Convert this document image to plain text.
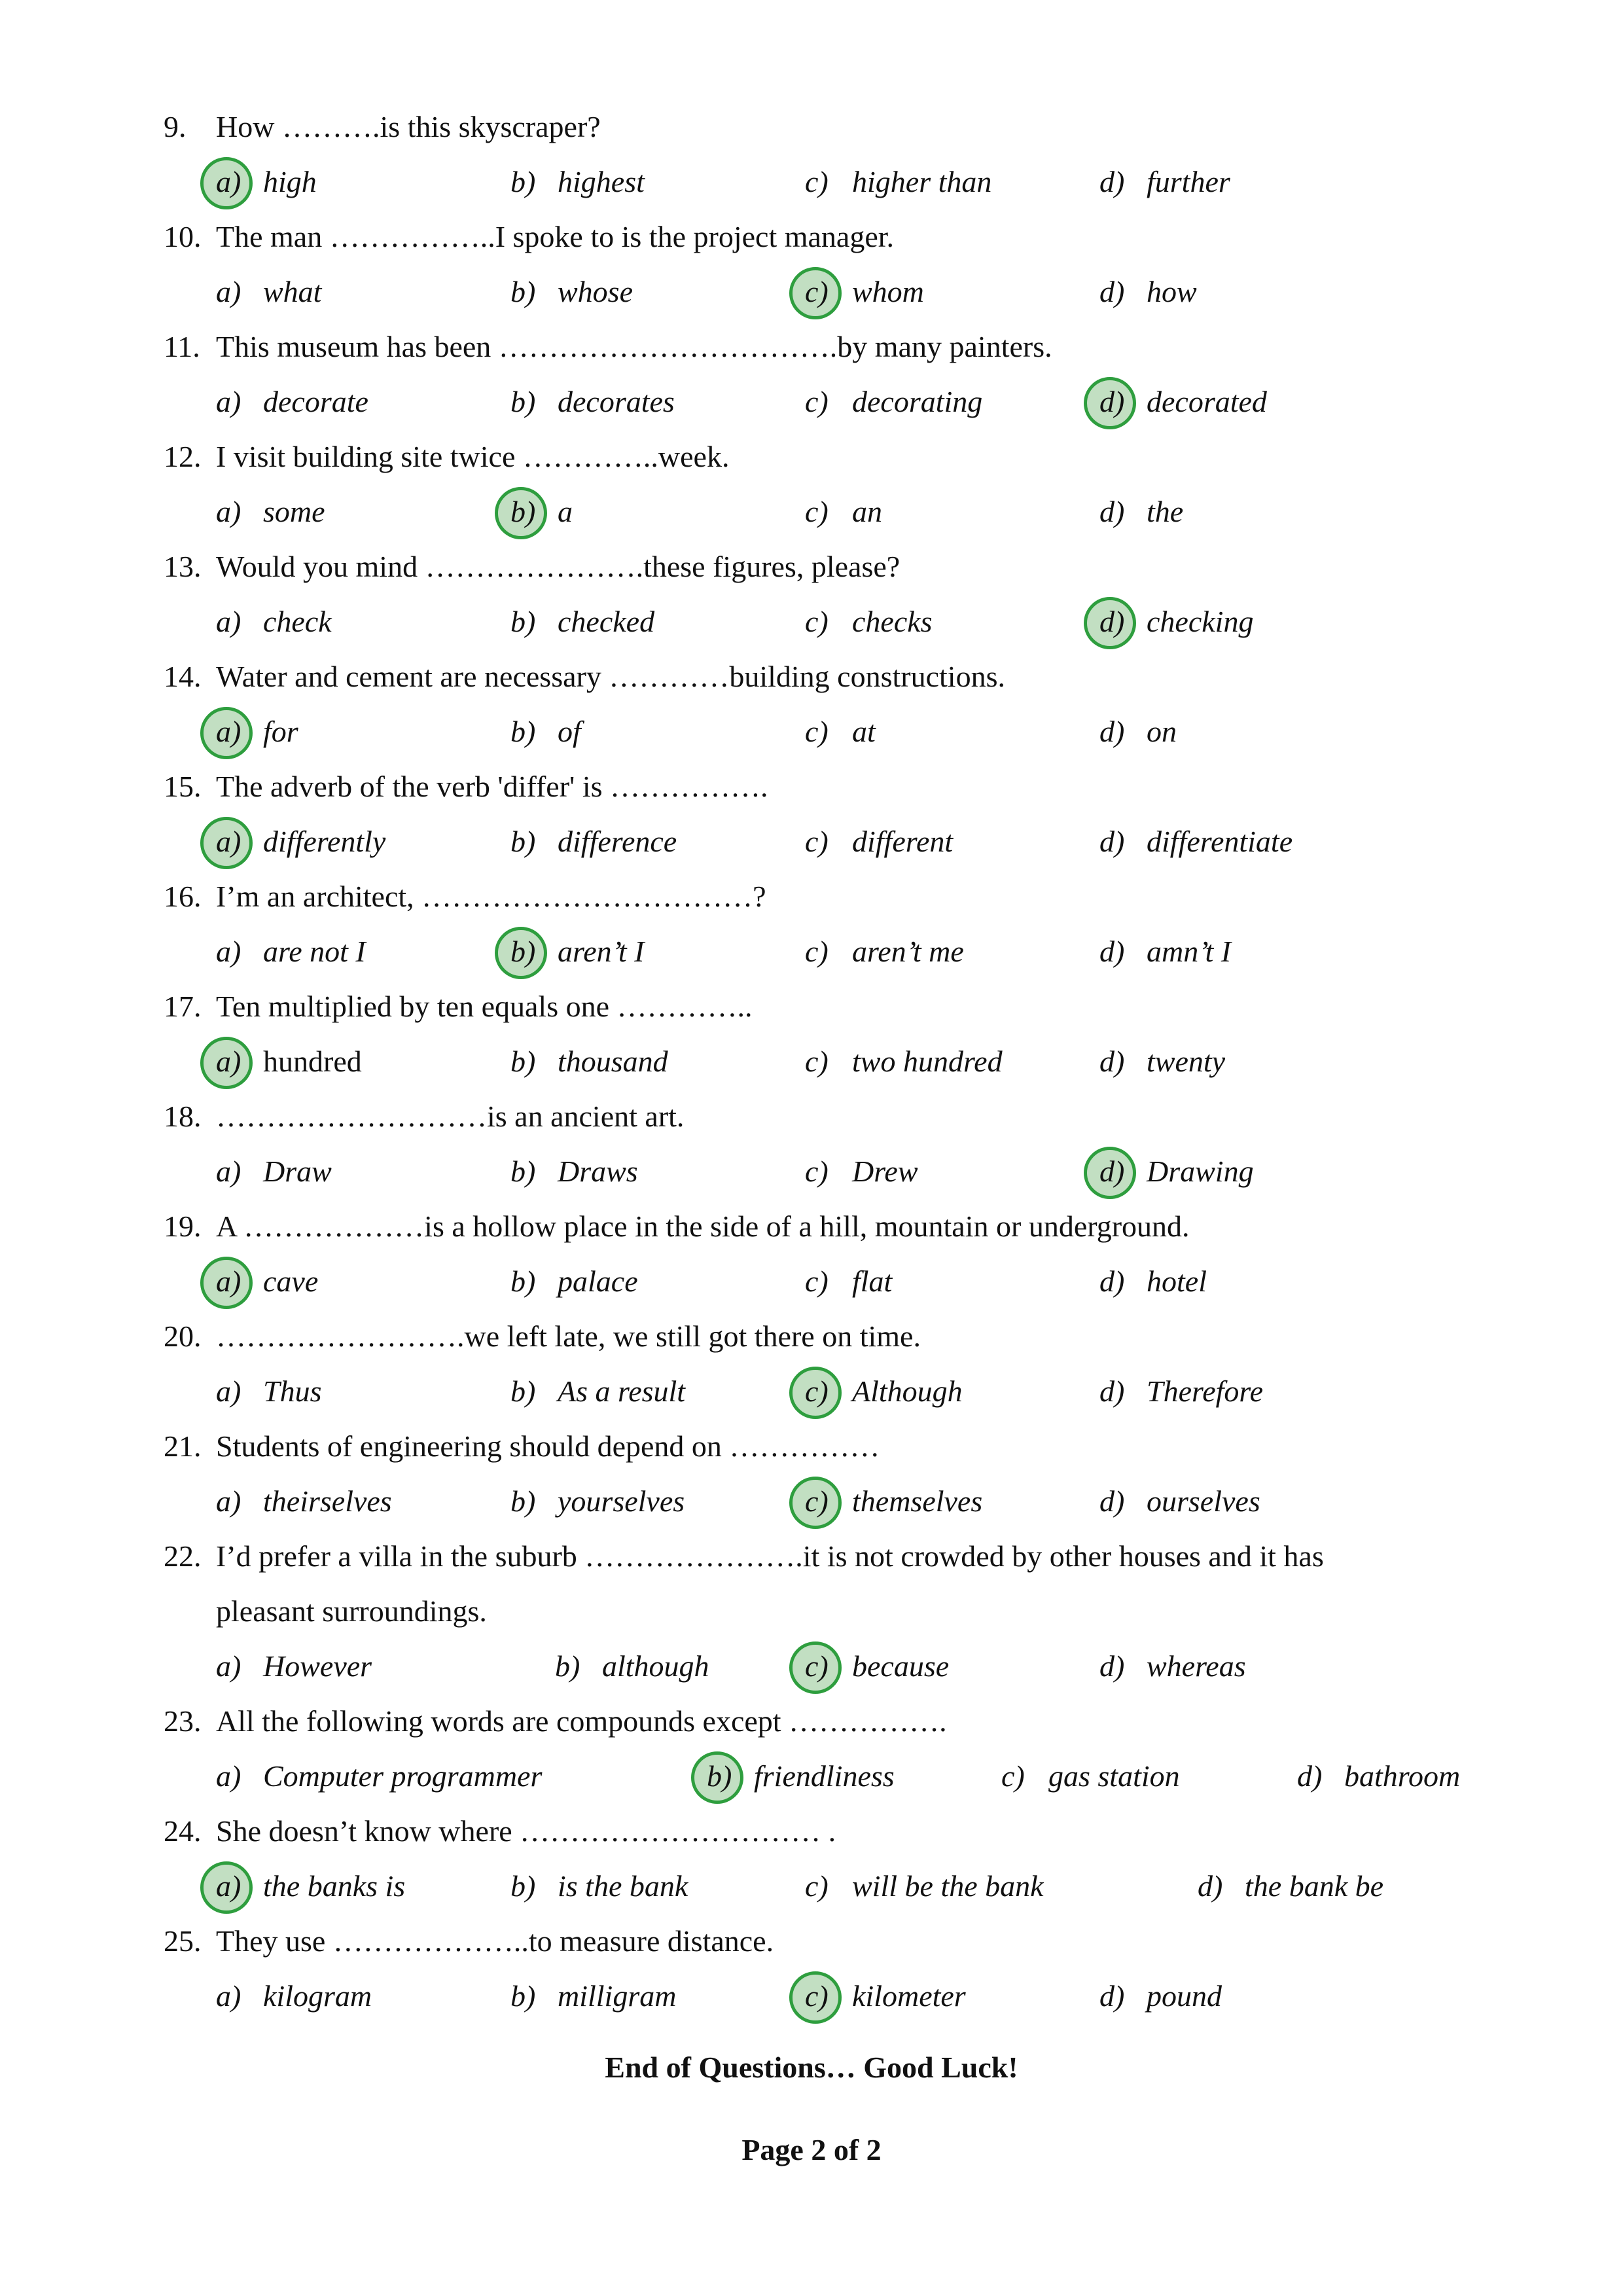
9. How ……….is this skyscraper?
a) high	b) highest	c) higher than	d) further
10. The man ……………..I spoke to is the project manager.
a) what	b) whose	c) whom	d) how
11. This museum has been …………………………….by many painters.
a) decorate	b) decorates	c) decorating	d) decorated
12. I visit building site twice …………..week.
a) some	b) a	c) an	d) the
13. Would you mind ………………….these figures, please?
a) check	b) checked	c) checks	d) checking
14. Water and cement are necessary …………building constructions.
a) for	b) of	c) at	d) on
15. The adverb of the verb 'differ' is …………….
a) differently	b) difference	c) different	d) differentiate
16. I’m an architect, ……………………………?
a) are not I	b) aren’t I	c) aren’t me	d) amn’t I
17. Ten multiplied by ten equals one …………..
a) hundred	b) thousand	c) two hundred	d) twenty
18. ………………………is an ancient art.
a) Draw	b) Draws	c) Drew	d) Drawing
19. A ………………is a hollow place in the side of a hill, mountain or underground.
a) cave	b) palace	c) flat	d) hotel
20. …………………….we left late, we still got there on time.
a) Thus	b) As a result	c) Although	d) Therefore
21. Students of engineering should depend on ……………
a) theirselves	b) yourselves	c) themselves	d) ourselves
22. I’d prefer a villa in the suburb ………………….it is not crowded by other houses and it has
pleasant surroundings.
a) However	b) although	c) because	d) whereas
23. All the following words are compounds except …………….
a) Computer programmer	b) friendliness	c) gas station	d) bathroom
24. She doesn’t know where ………………………… .
a) the banks is	b) is the bank	c) will be the bank	d) the bank be
25. They use ………………..to measure distance.
a) kilogram	b) milligram	c) kilometer	d) pound
End of Questions… Good Luck!
Page 2 of 2
